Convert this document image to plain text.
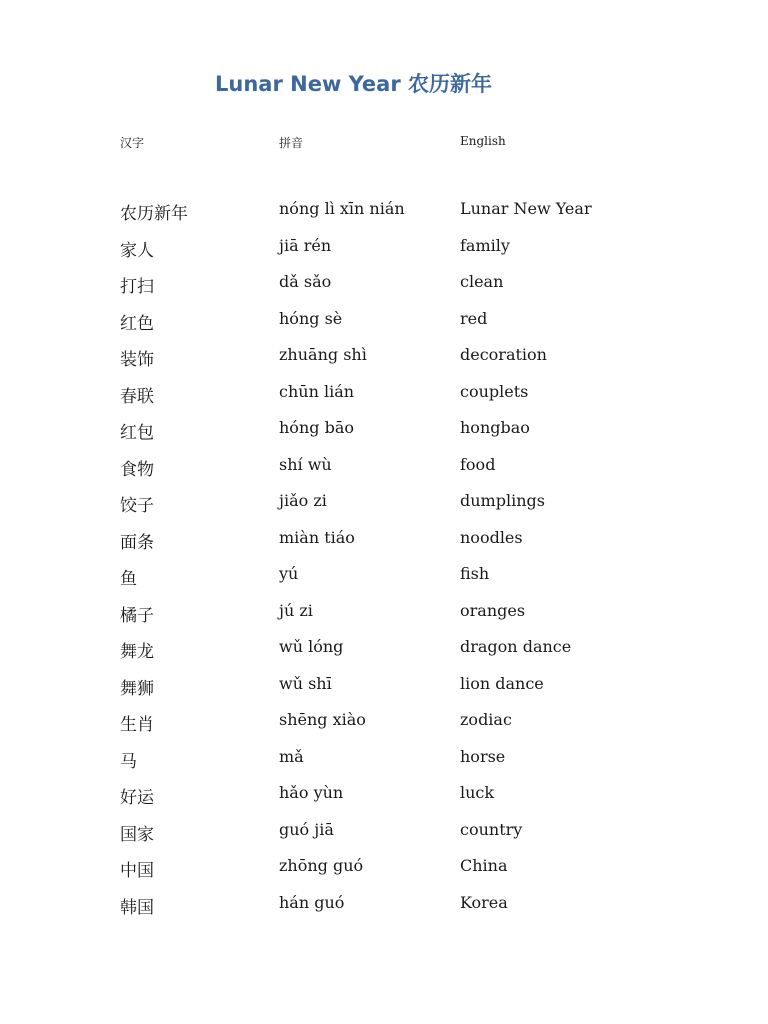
Lunar New Year 农历新年
汉字	拼音	English
农历新年	nóng lì xīn nián	Lunar New Year
家人	jiā rén	family
打扫	dǎ sǎo	clean
红色	hóng sè	red
装饰	zhuāng shì	decoration
春联	chūn lián	couplets
红包	hóng bāo	hongbao
食物	shí wù	food
饺子	jiǎo zi	dumplings
面条	miàn tiáo	noodles
鱼	yú	fish
橘子	jú zi	oranges
舞龙	wǔ lóng	dragon dance
舞狮	wǔ shī	lion dance
生肖	shēng xiào	zodiac
马	mǎ	horse
好运	hǎo yùn	luck
国家	guó jiā	country
中国	zhōng guó	China
韩国	hán guó	Korea
